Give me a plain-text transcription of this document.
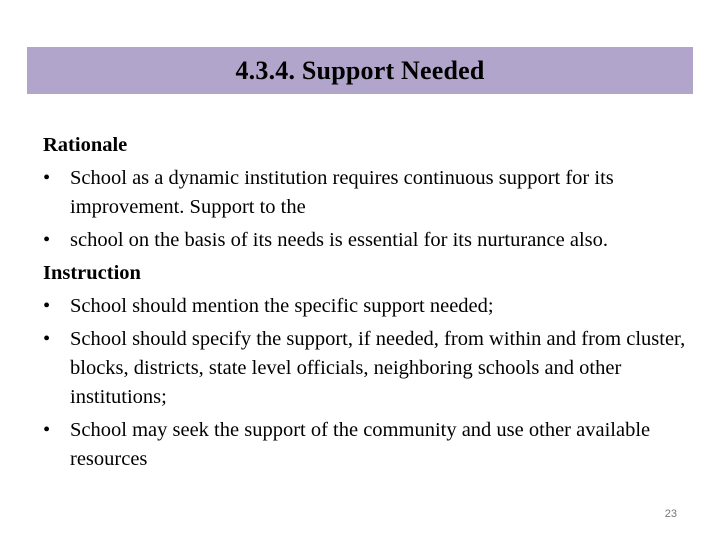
4.3.4. Support Needed
Rationale
• School as a dynamic institution requires continuous support for its improvement. Support to the
• school on the basis of its needs is essential for its nurturance also.
Instruction
• School should mention the specific support needed;
• School should specify the support, if needed, from within and from cluster, blocks, districts, state level officials, neighboring schools and other institutions;
• School may seek the support of the community and use other available resources
23
